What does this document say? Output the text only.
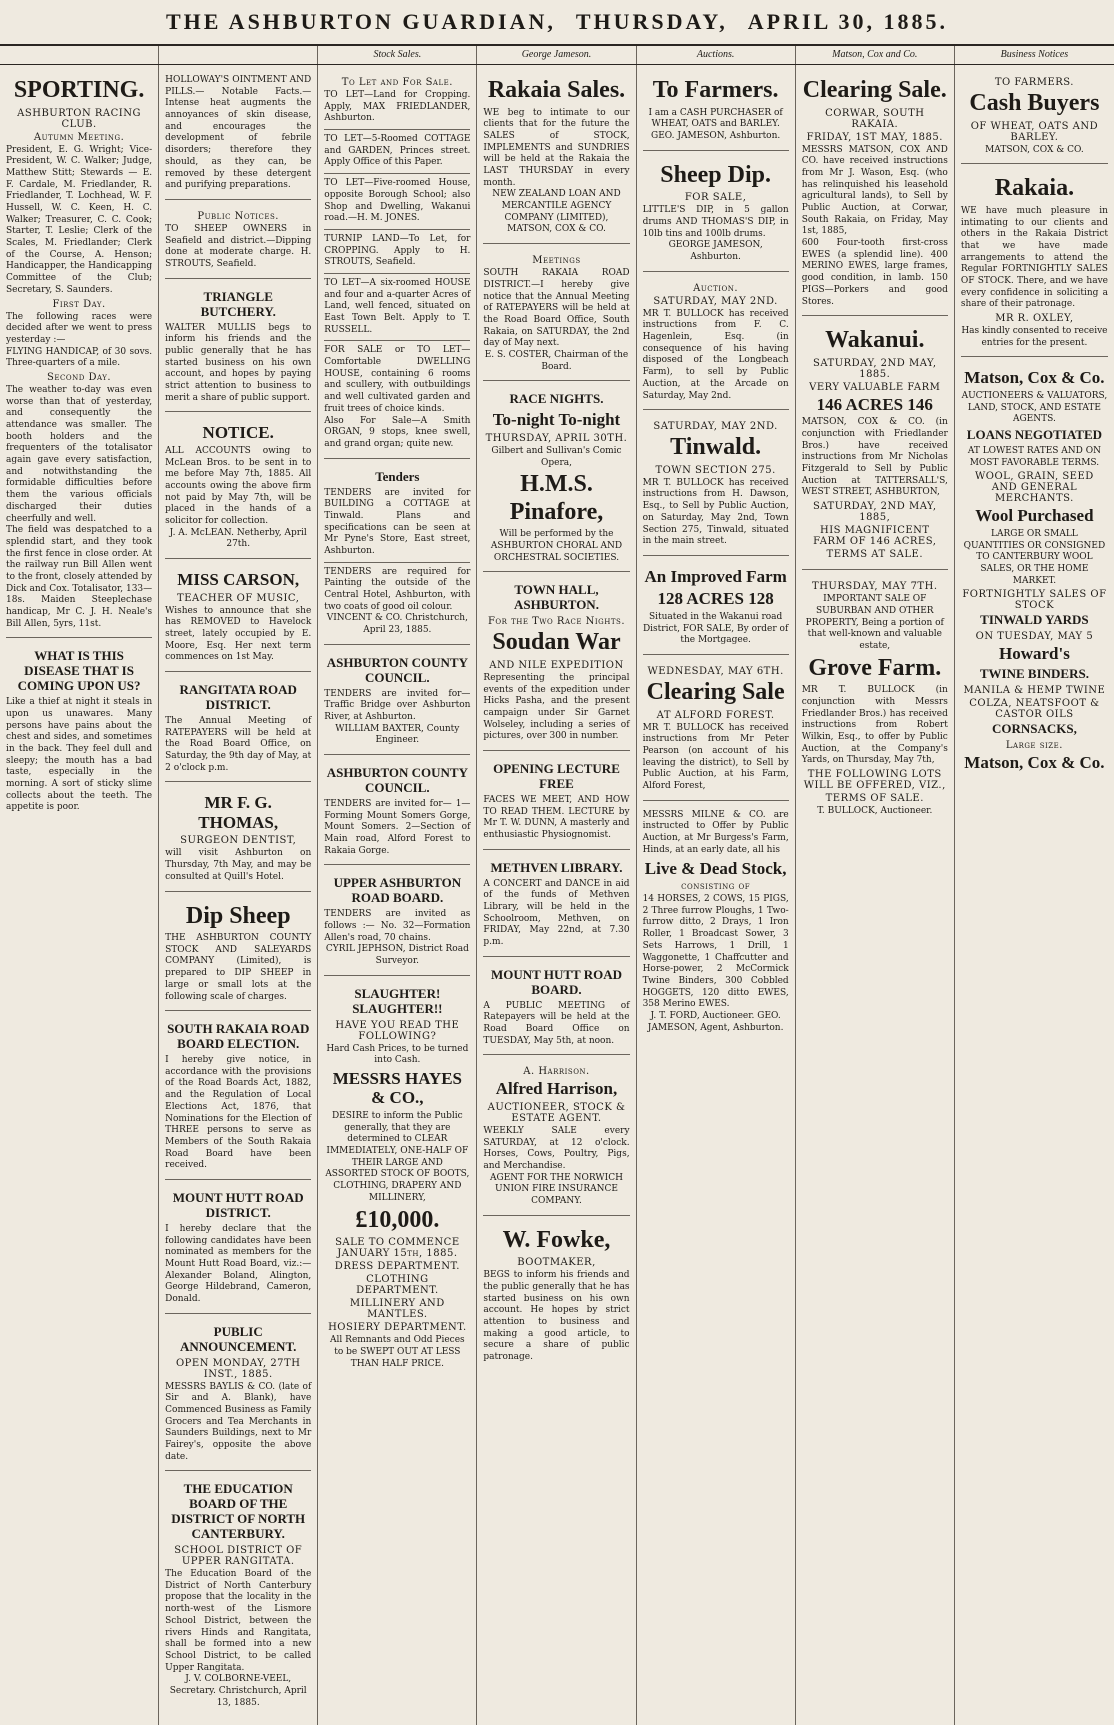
THE ASHBURTON GUARDIAN, THURSDAY, APRIL 30, 1885.
Stock Sales.	George Jameson.	Auctions.	Matson, Cox and Co.	Business Notices
SPORTING.
ASHBURTON RACING CLUB.
Autumn Meeting.

President, E. G. Wright; Vice-President, W. C. Walker; Judge, Matthew Stitt; Stewards — E. F. Cardale, M. Friedlander, R. Friedlander, T. Lochhead, W. F. Hussell, W. C. Keen, H. C. Walker; Treasurer, C. C. Cook; Starter, T. Leslie; Clerk of the Scales, M. Friedlander; Clerk of the Course, A. Henson; Handicapper, the Handicapping Committee of the Club; Secretary, S. Saunders.

First Day.

The following races were decided after we went to press yesterday :—

FLYING HANDICAP, of 30 sovs. Three-quarters of a mile.

Second Day.

The weather to-day was even worse than that of yesterday, and consequently the attendance was smaller. The booth holders and the frequenters of the totalisator again gave every satisfaction, and notwithstanding the formidable difficulties before them the various officials discharged their duties cheerfully and well.

The field was despatched to a splendid start, and they took the first fence in close order. At the railway run Bill Allen went to the front, closely attended by Dick and Cox. Totalisator, 133—18s. Maiden Steeplechase handicap, Mr C. J. H. Neale's Bill Allen, 5yrs, 11st.

WHAT IS THIS DISEASE THAT IS COMING UPON US?

Like a thief at night it steals in upon us unawares. Many persons have pains about the chest and sides, and sometimes in the back. They feel dull and sleepy; the mouth has a bad taste, especially in the morning. A sort of sticky slime collects about the teeth. The appetite is poor.

HOLLOWAY'S OINTMENT AND PILLS.— Notable Facts.—Intense heat augments the annoyances of skin disease, and encourages the development of febrile disorders; therefore they should, as they can, be removed by these detergent and purifying preparations.

Public Notices.

TO SHEEP OWNERS in Seafield and district.—Dipping done at moderate charge. H. STROUTS, Seafield.

TRIANGLE BUTCHERY.

WALTER MULLIS begs to inform his friends and the public generally that he has started business on his own account, and hopes by paying strict attention to business to merit a share of public support.

NOTICE.

ALL ACCOUNTS owing to McLean Bros. to be sent in to me before May 7th, 1885. All accounts owing the above firm not paid by May 7th, will be placed in the hands of a solicitor for collection.

J. A. McLEAN. Netherby, April 27th.

MISS CARSON,
TEACHER OF MUSIC,

Wishes to announce that she has REMOVED to Havelock street, lately occupied by E. Moore, Esq. Her next term commences on 1st May.

RANGITATA ROAD DISTRICT.

The Annual Meeting of RATEPAYERS will be held at the Road Board Office, on Saturday, the 9th day of May, at 2 o'clock p.m.

MR F. G. THOMAS,
SURGEON DENTIST,

will visit Ashburton on Thursday, 7th May, and may be consulted at Quill's Hotel.

Dip Sheep

THE ASHBURTON COUNTY STOCK AND SALEYARDS COMPANY (Limited), is prepared to DIP SHEEP in large or small lots at the following scale of charges.

SOUTH RAKAIA ROAD BOARD ELECTION.

I hereby give notice, in accordance with the provisions of the Road Boards Act, 1882, and the Regulation of Local Elections Act, 1876, that Nominations for the Election of THREE persons to serve as Members of the South Rakaia Road Board have been received.

MOUNT HUTT ROAD DISTRICT.

I hereby declare that the following candidates have been nominated as members for the Mount Hutt Road Board, viz.:— Alexander Boland, Alington, George Hildebrand, Cameron, Donald.

PUBLIC ANNOUNCEMENT.
OPEN MONDAY, 27TH INST., 1885.

MESSRS BAYLIS & CO. (late of Sir and A. Blank), have Commenced Business as Family Grocers and Tea Merchants in Saunders Buildings, next to Mr Fairey's, opposite the above date.

THE EDUCATION BOARD OF THE DISTRICT OF NORTH CANTERBURY.
SCHOOL DISTRICT OF UPPER RANGITATA.

The Education Board of the District of North Canterbury propose that the locality in the north-west of the Lismore School District, between the rivers Hinds and Rangitata, shall be formed into a new School District, to be called Upper Rangitata.

J. V. COLBORNE-VEEL, Secretary. Christchurch, April 13, 1885.

To Let and For Sale.

TO LET—Land for Cropping. Apply, MAX FRIEDLANDER, Ashburton.

TO LET—5-Roomed COTTAGE and GARDEN, Princes street. Apply Office of this Paper.

TO LET—Five-roomed House, opposite Borough School; also Shop and Dwelling, Wakanui road.—H. M. JONES.

TURNIP LAND—To Let, for CROPPING. Apply to H. STROUTS, Seafield.

TO LET—A six-roomed HOUSE and four and a-quarter Acres of Land, well fenced, situated on East Town Belt. Apply to T. RUSSELL.

FOR SALE or TO LET—Comfortable DWELLING HOUSE, containing 6 rooms and scullery, with outbuildings and well cultivated garden and fruit trees of choice kinds.

Also For Sale—A Smith ORGAN, 9 stops, knee swell, and grand organ; quite new.

Tenders

TENDERS are invited for BUILDING a COTTAGE at Tinwald. Plans and specifications can be seen at Mr Pyne's Store, East street, Ashburton.

TENDERS are required for Painting the outside of the Central Hotel, Ashburton, with two coats of good oil colour.

VINCENT & CO. Christchurch, April 23, 1885.

ASHBURTON COUNTY COUNCIL.

TENDERS are invited for—Traffic Bridge over Ashburton River, at Ashburton.

WILLIAM BAXTER, County Engineer.

ASHBURTON COUNTY COUNCIL.

TENDERS are invited for— 1—Forming Mount Somers Gorge, Mount Somers. 2—Section of Main road, Alford Forest to Rakaia Gorge.

UPPER ASHBURTON ROAD BOARD.

TENDERS are invited as follows :— No. 32—Formation Allen's road, 70 chains.

CYRIL JEPHSON, District Road Surveyor.

SLAUGHTER! SLAUGHTER!!
HAVE YOU READ THE FOLLOWING?

Hard Cash Prices, to be turned into Cash.

MESSRS HAYES & CO.,

DESIRE to inform the Public generally, that they are determined to CLEAR IMMEDIATELY, ONE-HALF OF THEIR LARGE AND ASSORTED STOCK OF BOOTS, CLOTHING, DRAPERY AND MILLINERY,

£10,000.
SALE TO COMMENCE JANUARY 15th, 1885.
DRESS DEPARTMENT.
CLOTHING DEPARTMENT.
MILLINERY AND MANTLES.
HOSIERY DEPARTMENT.

All Remnants and Odd Pieces to be SWEPT OUT AT LESS THAN HALF PRICE.

Rakaia Sales.

WE beg to intimate to our clients that for the future the SALES of STOCK, IMPLEMENTS and SUNDRIES will be held at the Rakaia the LAST THURSDAY in every month.

NEW ZEALAND LOAN AND MERCANTILE AGENCY COMPANY (LIMITED), MATSON, COX & CO.

Meetings

SOUTH RAKAIA ROAD DISTRICT.—I hereby give notice that the Annual Meeting of RATEPAYERS will be held at the Road Board Office, South Rakaia, on SATURDAY, the 2nd day of May next.

E. S. COSTER, Chairman of the Board.

RACE NIGHTS.
To-night To-night
THURSDAY, APRIL 30TH.

Gilbert and Sullivan's Comic Opera,

H.M.S. Pinafore,

Will be performed by the ASHBURTON CHORAL AND ORCHESTRAL SOCIETIES.

TOWN HALL, ASHBURTON.
For the Two Race Nights.
Soudan War
AND NILE EXPEDITION

Representing the principal events of the expedition under Hicks Pasha, and the present campaign under Sir Garnet Wolseley, including a series of pictures, over 300 in number.

OPENING LECTURE FREE

FACES WE MEET, AND HOW TO READ THEM. LECTURE by Mr T. W. DUNN, A masterly and enthusiastic Physiognomist.

METHVEN LIBRARY.

A CONCERT and DANCE in aid of the funds of Methven Library, will be held in the Schoolroom, Methven, on FRIDAY, May 22nd, at 7.30 p.m.

MOUNT HUTT ROAD BOARD.

A PUBLIC MEETING of Ratepayers will be held at the Road Board Office on TUESDAY, May 5th, at noon.

A. Harrison.
Alfred Harrison,
AUCTIONEER, STOCK & ESTATE AGENT.

WEEKLY SALE every SATURDAY, at 12 o'clock. Horses, Cows, Poultry, Pigs, and Merchandise.

AGENT FOR THE NORWICH UNION FIRE INSURANCE COMPANY.

W. Fowke,
BOOTMAKER,

BEGS to inform his friends and the public generally that he has started business on his own account. He hopes by strict attention to business and making a good article, to secure a share of public patronage.

To Farmers.

I am a CASH PURCHASER of WHEAT, OATS and BARLEY.

GEO. JAMESON, Ashburton.

Sheep Dip.
FOR SALE,

LITTLE'S DIP, in 5 gallon drums AND THOMAS'S DIP, in 10lb tins and 100lb drums.

GEORGE JAMESON, Ashburton.

Auction.
SATURDAY, MAY 2ND.

MR T. BULLOCK has received instructions from F. C. Hagenlein, Esq. (in consequence of his having disposed of the Longbeach Farm), to sell by Public Auction, at the Arcade on Saturday, May 2nd.

SATURDAY, MAY 2ND.
Tinwald.
TOWN SECTION 275.

MR T. BULLOCK has received instructions from H. Dawson, Esq., to Sell by Public Auction, on Saturday, May 2nd, Town Section 275, Tinwald, situated in the main street.

An Improved Farm
128 ACRES 128

Situated in the Wakanui road District, FOR SALE, By order of the Mortgagee.

WEDNESDAY, MAY 6TH.
Clearing Sale
AT ALFORD FOREST.

MR T. BULLOCK has received instructions from Mr Peter Pearson (on account of his leaving the district), to Sell by Public Auction, at his Farm, Alford Forest,

MESSRS MILNE & CO. are instructed to Offer by Public Auction, at Mr Burgess's Farm, Hinds, at an early date, all his

Live & Dead Stock,
consisting of

14 HORSES, 2 COWS, 15 PIGS, 2 Three furrow Ploughs, 1 Two-furrow ditto, 2 Drays, 1 Iron Roller, 1 Broadcast Sower, 3 Sets Harrows, 1 Drill, 1 Waggonette, 1 Chaffcutter and Horse-power, 2 McCormick Twine Binders, 300 Cobbled HOGGETS, 120 ditto EWES, 358 Merino EWES.

J. T. FORD, Auctioneer. GEO. JAMESON, Agent, Ashburton.

Clearing Sale.
CORWAR, SOUTH RAKAIA.
FRIDAY, 1ST MAY, 1885.

MESSRS MATSON, COX AND CO. have received instructions from Mr J. Wason, Esq. (who has relinquished his leasehold agricultural lands), to Sell by Public Auction, at Corwar, South Rakaia, on Friday, May 1st, 1885,

600 Four-tooth first-cross EWES (a splendid line). 400 MERINO EWES, large frames, good condition, in lamb. 150 PIGS—Porkers and good Stores.

Wakanui.
SATURDAY, 2ND MAY, 1885.
VERY VALUABLE FARM
146 ACRES 146

MATSON, COX & CO. (in conjunction with Friedlander Bros.) have received instructions from Mr Nicholas Fitzgerald to Sell by Public Auction at TATTERSALL'S, WEST STREET, ASHBURTON,

SATURDAY, 2ND MAY, 1885,
HIS MAGNIFICENT FARM OF 146 ACRES,
TERMS AT SALE.
THURSDAY, MAY 7TH.

IMPORTANT SALE OF SUBURBAN AND OTHER PROPERTY, Being a portion of that well-known and valuable estate,

Grove Farm.

MR T. BULLOCK (in conjunction with Messrs Friedlander Bros.) has received instructions from Robert Wilkin, Esq., to offer by Public Auction, at the Company's Yards, on Thursday, May 7th,

THE FOLLOWING LOTS WILL BE OFFERED, VIZ.,
TERMS OF SALE.

T. BULLOCK, Auctioneer.

TO FARMERS.
Cash Buyers
OF WHEAT, OATS AND BARLEY.

MATSON, COX & CO.

Rakaia.

WE have much pleasure in intimating to our clients and others in the Rakaia District that we have made arrangements to attend the Regular FORTNIGHTLY SALES OF STOCK. There, and we have every confidence in soliciting a share of their patronage.

MR R. OXLEY,

Has kindly consented to receive entries for the present.

Matson, Cox & Co.

AUCTIONEERS & VALUATORS, LAND, STOCK, AND ESTATE AGENTS.

LOANS NEGOTIATED

AT LOWEST RATES AND ON MOST FAVORABLE TERMS.

WOOL, GRAIN, SEED AND GENERAL MERCHANTS.
Wool Purchased

LARGE OR SMALL QUANTITIES OR CONSIGNED TO CANTERBURY WOOL SALES, OR THE HOME MARKET.

FORTNIGHTLY SALES OF STOCK
TINWALD YARDS
ON TUESDAY, MAY 5
Howard's
TWINE BINDERS.
MANILA & HEMP TWINE
COLZA, NEATSFOOT & CASTOR OILS
CORNSACKS,
Large size.
Matson, Cox & Co.
